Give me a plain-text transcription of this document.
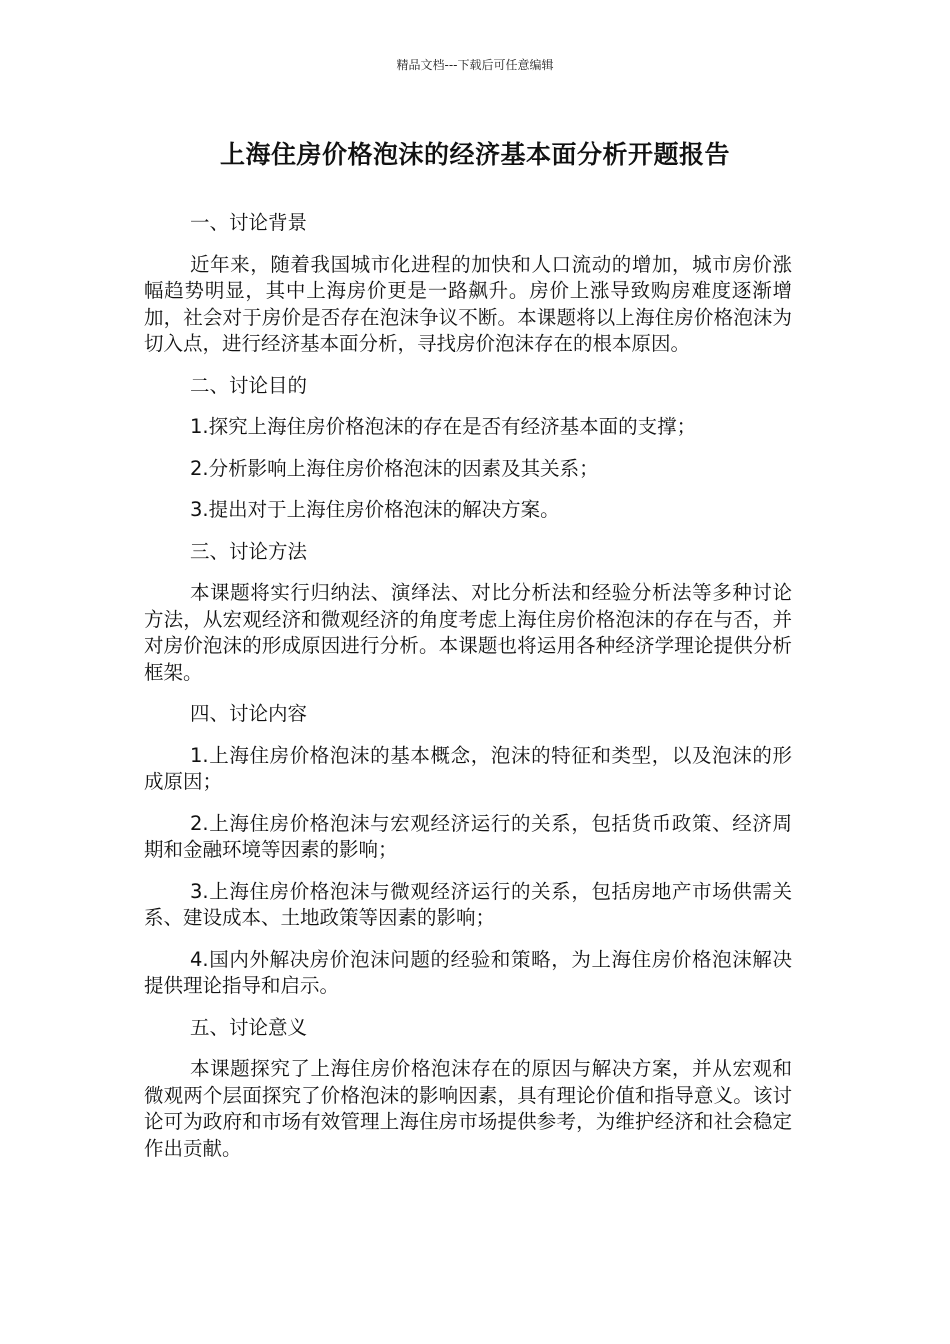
精品文档---下载后可任意编辑
上海住房价格泡沫的经济基本面分析开题报告

一、讨论背景

近年来，随着我国城市化进程的加快和人口流动的增加，城市房价涨幅趋势明显，其中上海房价更是一路飙升。房价上涨导致购房难度逐渐增加，社会对于房价是否存在泡沫争议不断。本课题将以上海住房价格泡沫为切入点，进行经济基本面分析，寻找房价泡沫存在的根本原因。

二、讨论目的

1.探究上海住房价格泡沫的存在是否有经济基本面的支撑；

2.分析影响上海住房价格泡沫的因素及其关系；

3.提出对于上海住房价格泡沫的解决方案。

三、讨论方法

本课题将实行归纳法、演绎法、对比分析法和经验分析法等多种讨论方法，从宏观经济和微观经济的角度考虑上海住房价格泡沫的存在与否，并对房价泡沫的形成原因进行分析。本课题也将运用各种经济学理论提供分析框架。

四、讨论内容

1.上海住房价格泡沫的基本概念，泡沫的特征和类型，以及泡沫的形成原因；

2.上海住房价格泡沫与宏观经济运行的关系，包括货币政策、经济周期和金融环境等因素的影响；

3.上海住房价格泡沫与微观经济运行的关系，包括房地产市场供需关系、建设成本、土地政策等因素的影响；

4.国内外解决房价泡沫问题的经验和策略，为上海住房价格泡沫解决提供理论指导和启示。

五、讨论意义

本课题探究了上海住房价格泡沫存在的原因与解决方案，并从宏观和微观两个层面探究了价格泡沫的影响因素，具有理论价值和指导意义。该讨论可为政府和市场有效管理上海住房市场提供参考，为维护经济和社会稳定作出贡献。
